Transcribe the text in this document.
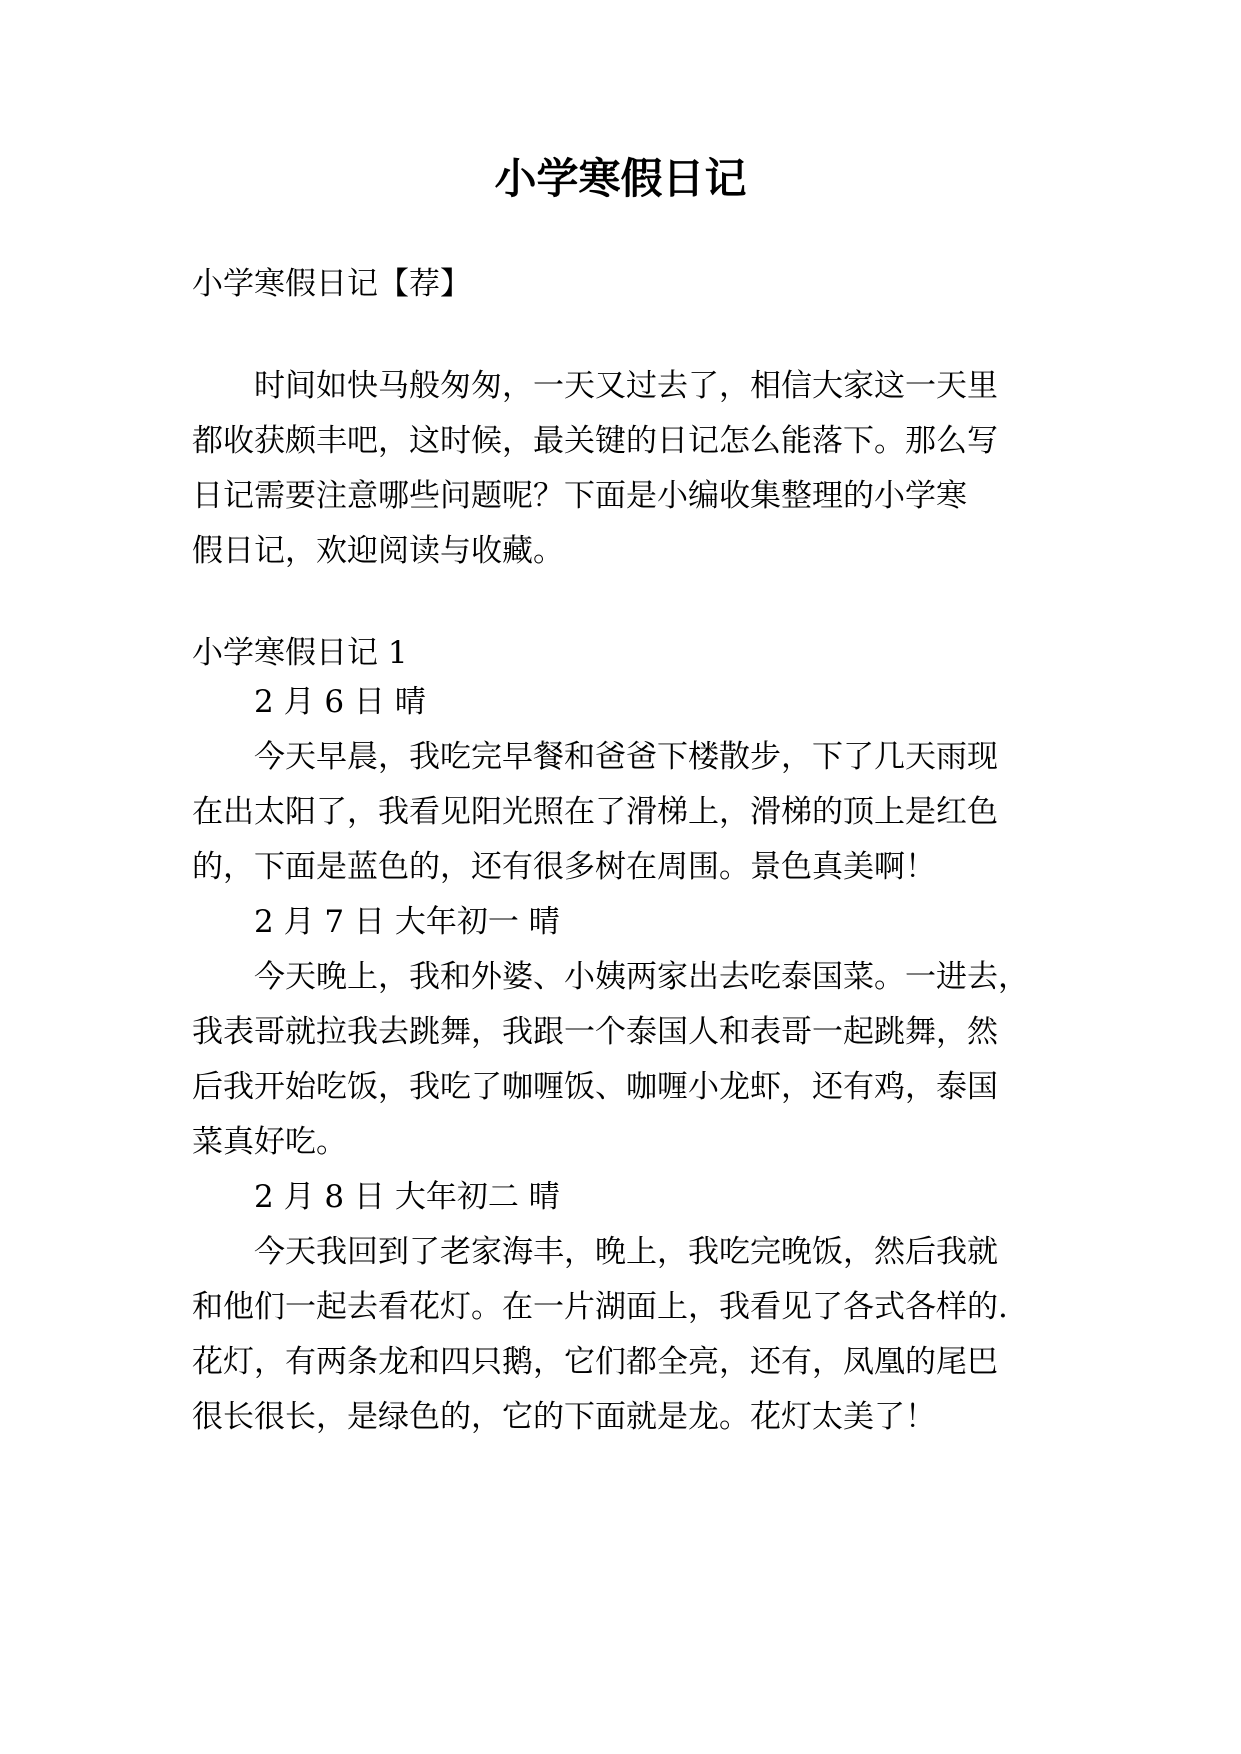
小学寒假日记
小学寒假日记【荐】
时间如快马般匆匆，一天又过去了，相信大家这一天里
都收获颇丰吧，这时候，最关键的日记怎么能落下。那么写
日记需要注意哪些问题呢？下面是小编收集整理的小学寒
假日记，欢迎阅读与收藏。
小学寒假日记 1
2 月 6 日 晴
今天早晨，我吃完早餐和爸爸下楼散步，下了几天雨现
在出太阳了，我看见阳光照在了滑梯上，滑梯的顶上是红色
的，下面是蓝色的，还有很多树在周围。景色真美啊！
2 月 7 日 大年初一 晴
今天晚上，我和外婆、小姨两家出去吃泰国菜。一进去，
我表哥就拉我去跳舞，我跟一个泰国人和表哥一起跳舞，然
后我开始吃饭，我吃了咖喱饭、咖喱小龙虾，还有鸡，泰国
菜真好吃。
2 月 8 日 大年初二 晴
今天我回到了老家海丰，晚上，我吃完晚饭，然后我就
和他们一起去看花灯。在一片湖面上，我看见了各式各样的.
花灯，有两条龙和四只鹅，它们都全亮，还有，凤凰的尾巴
很长很长，是绿色的，它的下面就是龙。花灯太美了！
